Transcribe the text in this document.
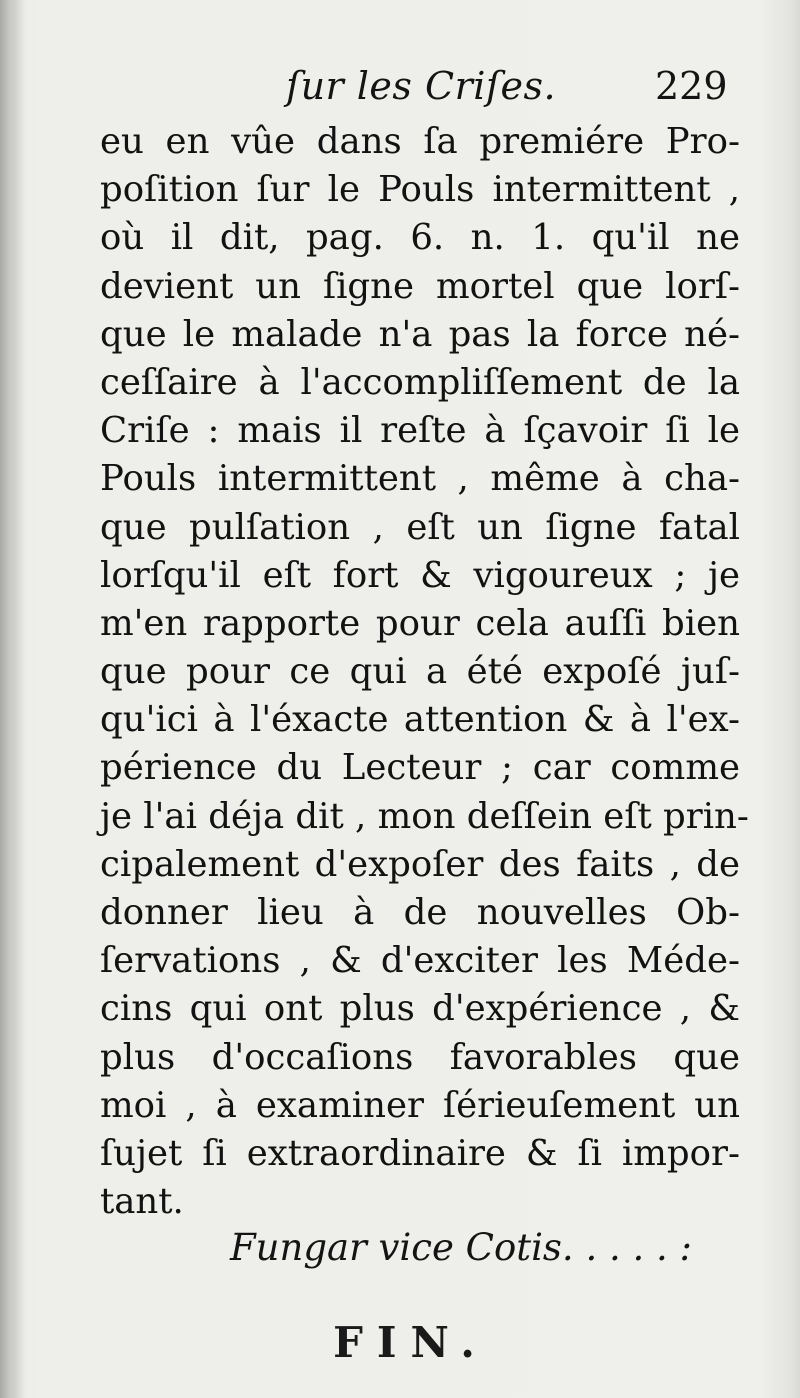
ſur les Criſes.	229
eu en vûe dans ſa premiére Pro-
poſition ſur le Pouls intermittent ,
où il dit, pag. 6. n. 1. qu'il ne
devient un ſigne mortel que lorſ-
que le malade n'a pas la force né-
ceſſaire à l'accompliſſement de la
Criſe : mais il reſte à ſçavoir ſi le
Pouls intermittent , même à cha-
que pulſation , eſt un ſigne fatal
lorſqu'il eſt fort & vigoureux ; je
m'en rapporte pour cela auſſi bien
que pour ce qui a été expoſé juſ-
qu'ici à l'éxacte attention & à l'ex-
périence du Lecteur ; car comme
je l'ai déja dit , mon deſſein eſt prin-
cipalement d'expoſer des faits , de
donner lieu à de nouvelles Ob-
ſervations , & d'exciter les Méde-
cins qui ont plus d'expérience , &
plus d'occaſions favorables que
moi , à examiner ſérieuſement un
ſujet ſi extraordinaire & ſi impor-
tant.
Fungar vice Cotis. . . . . :
FIN.
